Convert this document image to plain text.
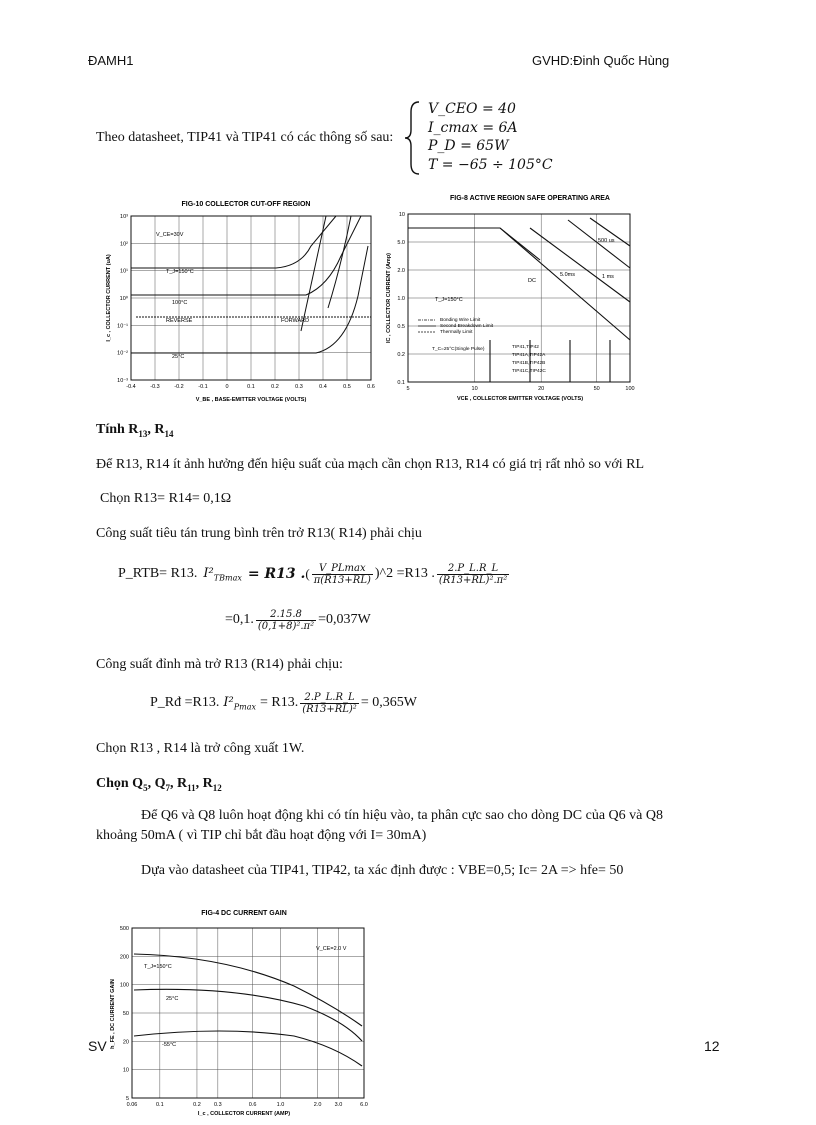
ĐAMH1	GVHD:Đinh Quốc Hùng
Theo datasheet, TIP41 và TIP41 có các thông số sau:
V_CEO = 40
I_cmax = 6A
P_D = 65W
T = −65 ÷ 105°C
FIG-10 COLLECTOR CUT-OFF REGION
-0.4	-0.3	-0.2	-0.1	0	0.1	0.2	0.3	0.4	0.5	0.6
10³
10²
10¹
10⁰
10⁻¹
10⁻²
10⁻³
V_CE=30V
T_J=150°C
100°C
REVERSE	FORWARD
25°C
V_BE , BASE-EMITTER VOLTAGE (VOLTS)
I_c , COLLECTOR CURRENT (uA)
FIG-8 ACTIVE REGION SAFE OPERATING AREA
5	10	20	50	100
10
5.0
2.0
1.0
0.5
0.2
0.1
500 us
DC
5.0ms	1 ms
T_J=150°C
Bonding Wire Limit
Second Breakdown Limit
Thermally Limit
T_C=25°C(Single Pulse)	TIP41,TIP42
TIP41A,TIP42A
TIP41B,TIP42B
TIP41C,TIP42C
VCE , COLLECTOR EMITTER VOLTAGE (VOLTS)
IC , COLLECTOR CURRENT (Amp)
Tính $R_{13}$, $R_{14}$
Để R13, R14 ít ảnh hưởng đến hiệu suất của mạch cần chọn R13, R14 có giá trị rất nhỏ so với RL
Chọn R13= R14= 0,1Ω
Công suất tiêu tán trung bình trên trở R13( R14) phải chịu
P_RTB= R13. $I^2_{TBmax} = R13$ . ( $\frac{V\_PLmax}{\pi(R13+RL)}$ )^2 =R13 . $\frac{2.P\_L.R\_L}{\text{(R13+RL)².π²}}$
=0,1. $\frac{2.15.8}{\text{(0,1+8)².π²}} =0,037W$
Công suất đỉnh mà trở R13 (R14) phải chịu:
P_Rđ =R13. $I^2_{Pmax} = R13$. $\frac{2.P\_L.R\_L}{\text{(R13+RL)²}} = 0,365W$
Chọn R13 , R14 là trở công xuất 1W.
Chọn $Q_5$, $Q_7$, $R_{11}$, $R_{12}$
Để Q6 và Q8 luôn hoạt động khi có tín hiệu vào, ta phân cực sao cho dòng DC của Q6 và Q8
khoảng 50mA ( vì TIP chỉ bắt đầu hoạt động với I= 30mA)
Dựa vào datasheet của TIP41, TIP42, ta xác định được : VBE=0,5; Ic= 2A => hfe= 50
FIG-4 DC CURRENT GAIN
0.06	0.1	0.2 0.3	0.6	1.0	2.0 3.0	6.0
500
200
100
50
20
10
5
V_CE=2.0 V
T_J=150°C
25°C
-55°C
I_c , COLLECTOR CURRENT (AMP)
h_FE , DC CURRENT GAIN
SV	12
